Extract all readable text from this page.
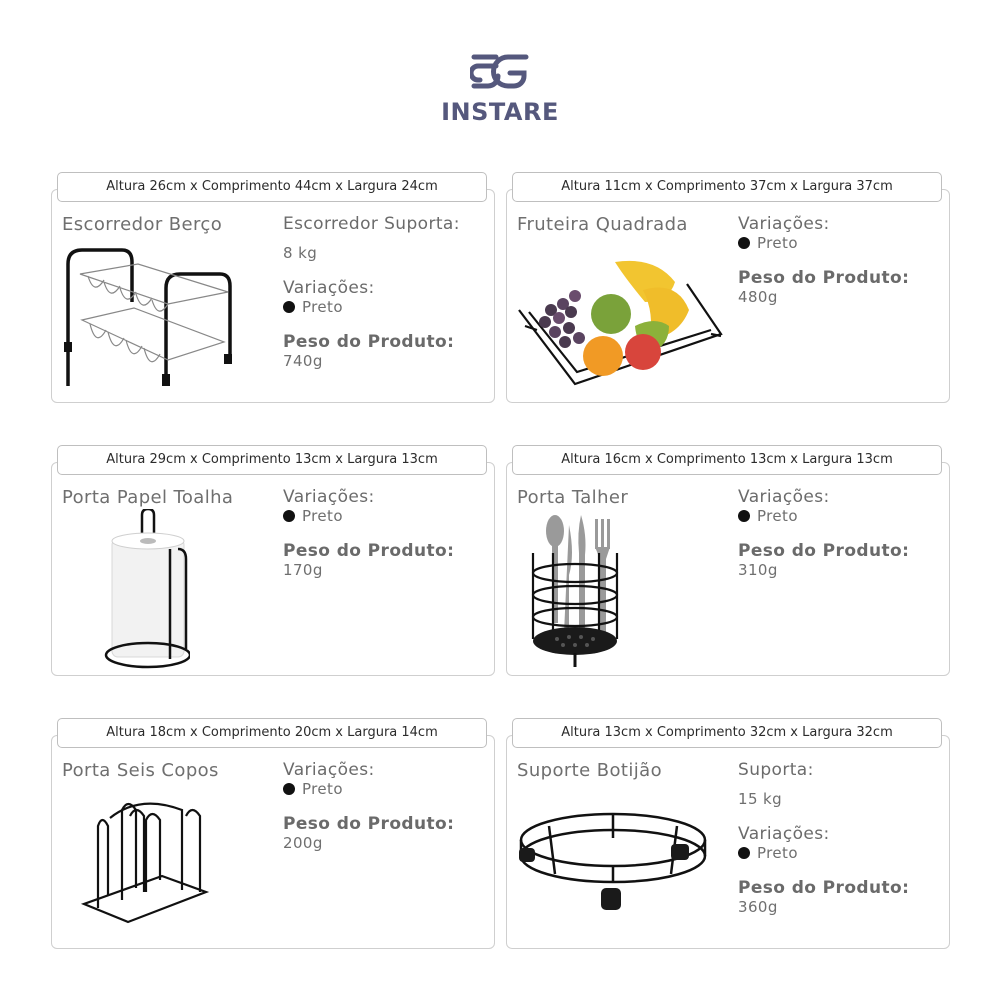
INSTARE
Altura 26cm x Comprimento 44cm x Largura 24cm
Escorredor Berço	Escorredor Suporta:
8 kg
Variações:
Preto
Peso do Produto:
740g
Altura 11cm x Comprimento 37cm x Largura 37cm
Fruteira Quadrada	Variações:
Preto
Peso do Produto:
480g
Altura 29cm x Comprimento 13cm x Largura 13cm
Porta Papel Toalha	Variações:
Preto
Peso do Produto:
170g
Altura 16cm x Comprimento 13cm x Largura 13cm
Porta Talher	Variações:
Preto
Peso do Produto:
310g
Altura 18cm x Comprimento 20cm x Largura 14cm
Porta Seis Copos	Variações:
Preto
Peso do Produto:
200g
Altura 13cm x Comprimento 32cm x Largura 32cm
Suporte Botijão	Suporta:
15 kg
Variações:
Preto
Peso do Produto:
360g
